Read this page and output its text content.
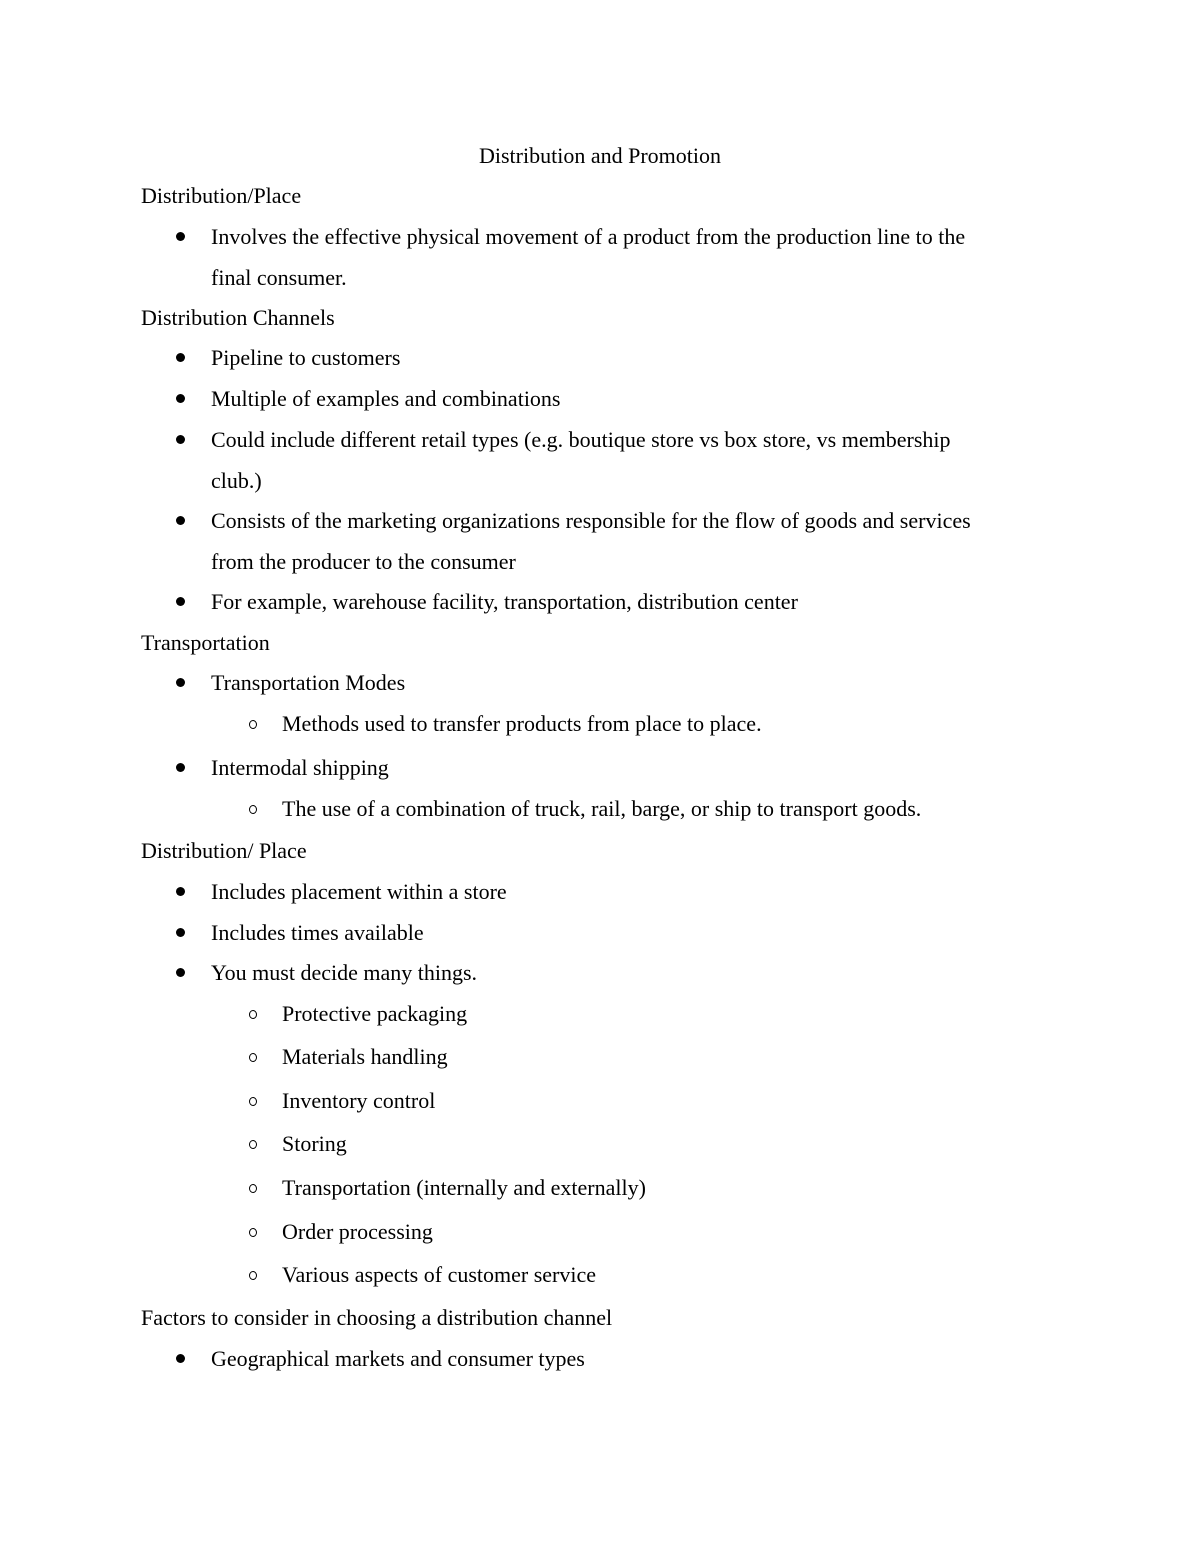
Distribution and Promotion
Distribution/Place
Involves the effective physical movement of a product from the production line to the
final consumer.
Distribution Channels
Pipeline to customers
Multiple of examples and combinations
Could include different retail types (e.g. boutique store vs box store, vs membership
club.)
Consists of the marketing organizations responsible for the flow of goods and services
from the producer to the consumer
For example, warehouse facility, transportation, distribution center
Transportation
Transportation Modes
Methods used to transfer products from place to place.
Intermodal shipping
The use of a combination of truck, rail, barge, or ship to transport goods.
Distribution/ Place
Includes placement within a store
Includes times available
You must decide many things.
Protective packaging
Materials handling
Inventory control
Storing
Transportation (internally and externally)
Order processing
Various aspects of customer service
Factors to consider in choosing a distribution channel
Geographical markets and consumer types
